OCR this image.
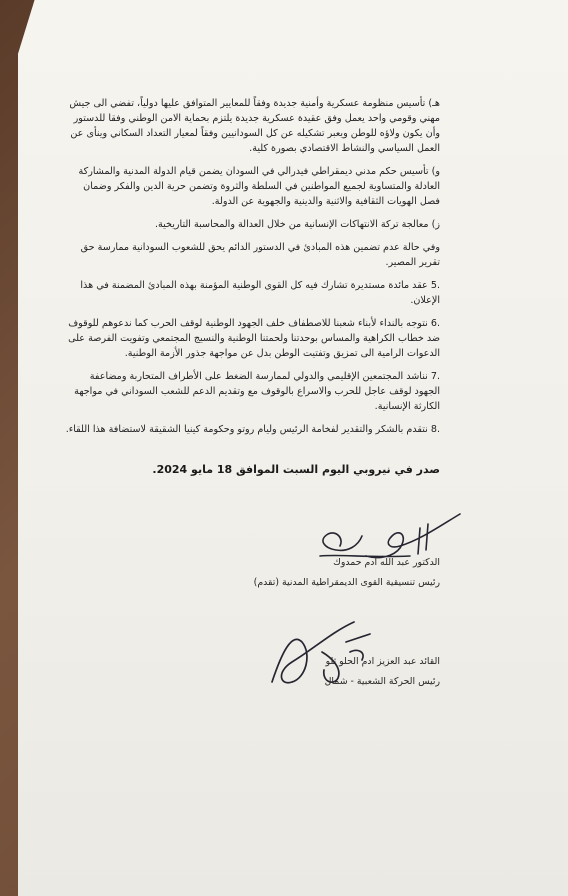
هـ) تأسيس منظومة عسكرية وأمنية جديدة وفقاً للمعايير المتوافق عليها دولياً، تفضي الى جيش مهني وقومي واحد يعمل وفق عقيدة عسكرية جديدة يلتزم بحماية الامن الوطني وفقا للدستور وأن يكون ولاؤه للوطن ويعبر تشكيله عن كل السودانيين وفقاً لمعيار التعداد السكاني وينأى عن العمل السياسي والنشاط الاقتصادي بصورة كلية.

و) تأسيس حكم مدني ديمقراطي فيدرالي في السودان يضمن قيام الدولة المدنية والمشاركة العادلة والمتساوية لجميع المواطنين في السلطة والثروة وتضمن حرية الدين والفكر وضمان فصل الهويات الثقافية والاثنية والدينية والجهوية عن الدولة.

ز) معالجة تركة الانتهاكات الإنسانية من خلال العدالة والمحاسبة التاريخية.

وفي حالة عدم تضمين هذه المبادئ في الدستور الدائم يحق للشعوب السودانية ممارسة حق تقرير المصير.

5. عقد مائدة مستديرة تشارك فيه كل القوى الوطنية المؤمنة بهذه المبادئ المضمنة في هذا الإعلان.

6. نتوجه بالنداء لأبناء شعبنا للاصطفاف خلف الجهود الوطنية لوقف الحرب كما ندعوهم للوقوف ضد خطاب الكراهية والمساس بوحدتنا ولحمتنا الوطنية والنسيج المجتمعي وتفويت الفرصة على الدعوات الرامية الى تمزيق وتفتيت الوطن بدل عن مواجهة جذور الأزمة الوطنية.

7. نناشد المجتمعين الإقليمي والدولي لممارسة الضغط على الأطراف المتحاربة ومضاعفة الجهود لوقف عاجل للحرب والاسراع بالوقوف مع وتقديم الدعم للشعب السوداني في مواجهة الكارثة الإنسانية.

8. نتقدم بالشكر والتقدير لفخامة الرئيس وليام روتو وحكومة كينيا الشقيقة لاستضافة هذا اللقاء.

صدر في نيروبي اليوم السبت الموافق 18 مايو 2024.
الدكتور عبد الله آدم حمدوك
رئيس تنسيقية القوى الديمقراطية المدنية (تقدم)
القائد عبد العزيز ادم الحلو ثلو
رئيس الحركة الشعبية - شمال
